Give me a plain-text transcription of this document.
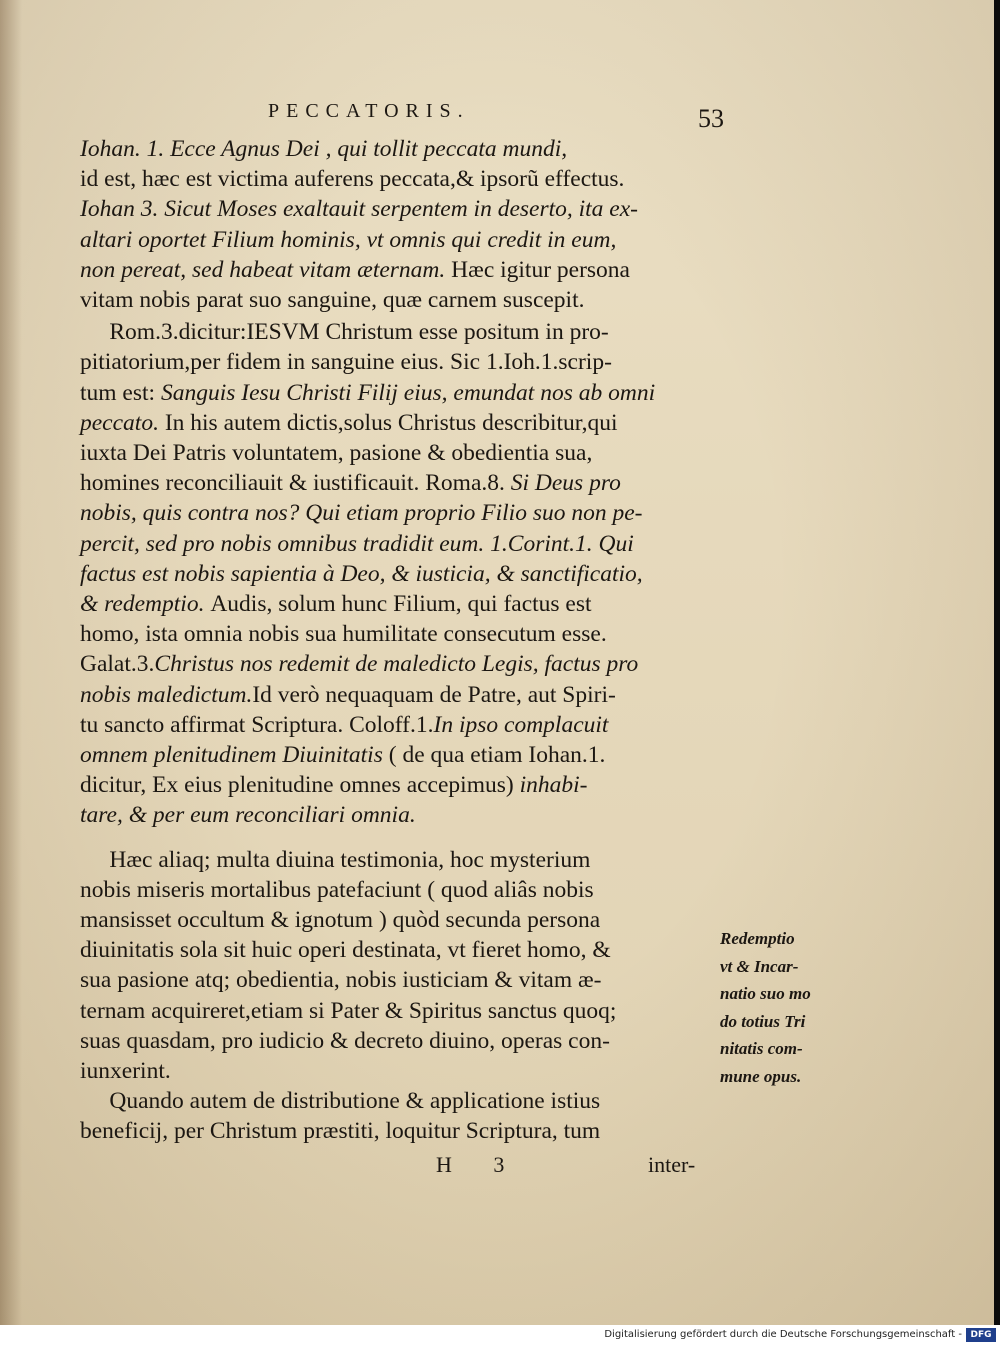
PECCATORIS.	53
Iohan. 1. Ecce Agnus Dei , qui tollit peccata mundi,
id est, hæc est victima auferens peccata,& ipsorũ effectus.
Iohan 3. Sicut Moses exaltauit serpentem in deserto, ita ex-
altari oportet Filium hominis, vt omnis qui credit in eum,
non pereat, sed habeat vitam æternam. Hæc igitur persona
vitam nobis parat suo sanguine, quæ carnem suscepit.
Rom.3.dicitur:IESVM Christum esse positum in pro-
pitiatorium,per fidem in sanguine eius. Sic 1.Ioh.1.scrip-
tum est: Sanguis Iesu Christi Filij eius, emundat nos ab omni
peccato. In his autem dictis,solus Christus describitur,qui
iuxta Dei Patris voluntatem, pasione & obedientia sua,
homines reconciliauit & iustificauit. Roma.8. Si Deus pro
nobis, quis contra nos? Qui etiam proprio Filio suo non pe-
percit, sed pro nobis omnibus tradidit eum. 1.Corint.1. Qui
factus est nobis sapientia à Deo, & iusticia, & sanctificatio,
& redemptio. Audis, solum hunc Filium, qui factus est
homo, ista omnia nobis sua humilitate consecutum esse.
Galat.3.Christus nos redemit de maledicto Legis, factus pro
nobis maledictum.Id verò nequaquam de Patre, aut Spiri-
tu sancto affirmat Scriptura. Coloff.1.In ipso complacuit
omnem plenitudinem Diuinitatis ( de qua etiam Iohan.1.
dicitur, Ex eius plenitudine omnes accepimus) inhabi-
tare, & per eum reconciliari omnia.
Hæc aliaq; multa diuina testimonia, hoc mysterium
nobis miseris mortalibus patefaciunt ( quod aliâs nobis
mansisset occultum & ignotum ) quòd secunda persona
diuinitatis sola sit huic operi destinata, vt fieret homo, &
sua pasione atq; obedientia, nobis iusticiam & vitam æ-
ternam acquireret,etiam si Pater & Spiritus sanctus quoq;
suas quasdam, pro iudicio & decreto diuino, operas con-
iunxerint.
Quando autem de distributione & applicatione istius
beneficij, per Christum præstiti, loquitur Scriptura, tum
Redemptio
vt & Incar-
natio suo mo
do totius Tri
nitatis com-
mune opus.
H 3	inter-
Digitalisierung gefördert durch die Deutsche Forschungsgemeinschaft - DFG
